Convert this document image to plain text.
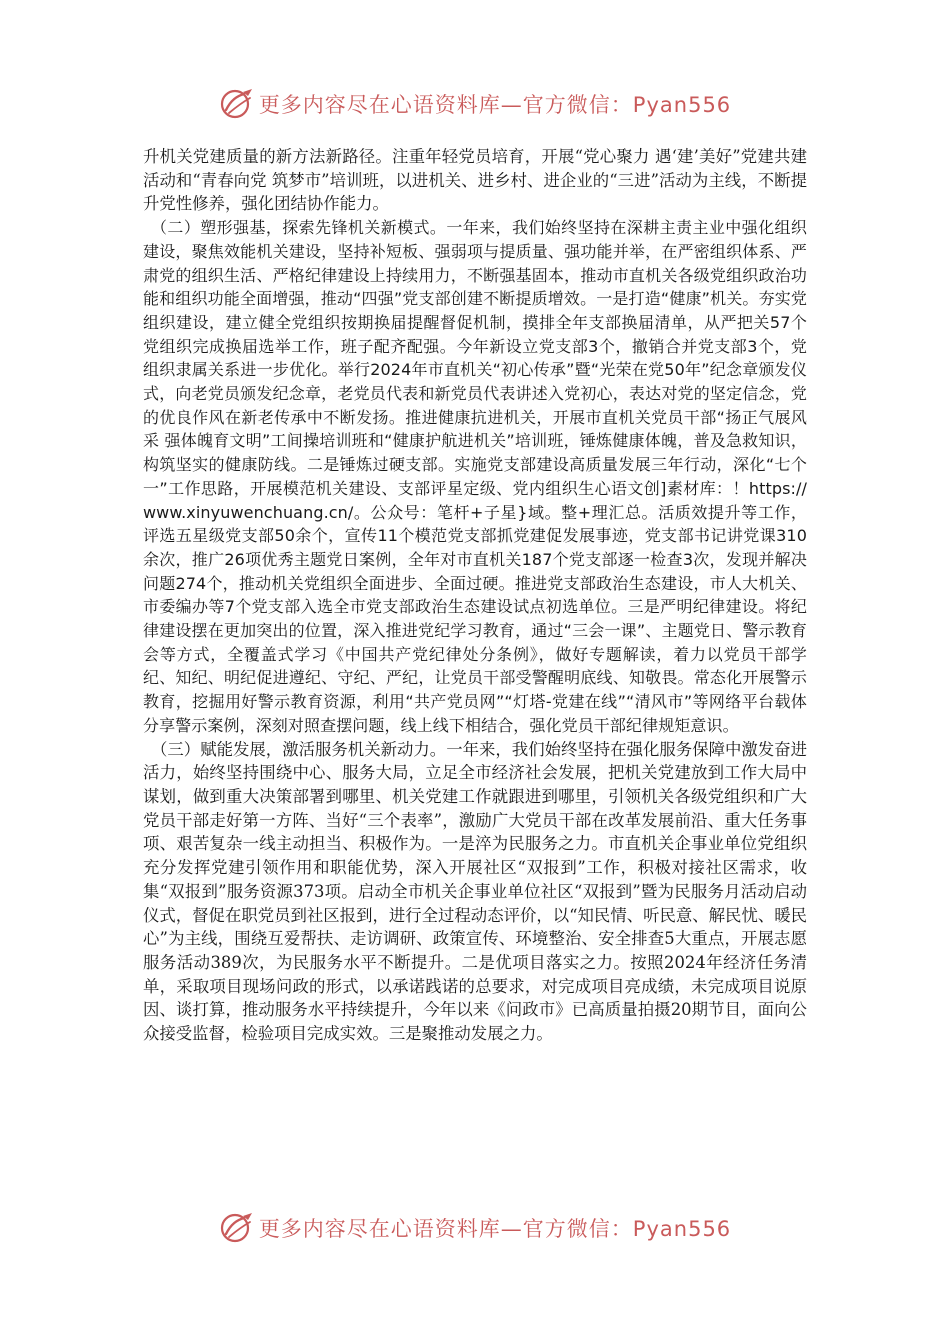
更多内容尽在心语资料库—官方微信：Pyan556

升机关党建质量的新方法新路径。注重年轻党员培育，开展“党心聚力 遇‘建’美好”党建共建活动和“青春向党 筑梦市”培训班，以进机关、进乡村、进企业的“三进”活动为主线，不断提升党性修养，强化团结协作能力。

（二）塑形强基，探索先锋机关新模式。一年来，我们始终坚持在深耕主责主业中强化组织建设，聚焦效能机关建设，坚持补短板、强弱项与提质量、强功能并举，在严密组织体系、严肃党的组织生活、严格纪律建设上持续用力，不断强基固本，推动市直机关各级党组织政治功能和组织功能全面增强，推动“四强”党支部创建不断提质增效。一是打造“健康”机关。夯实党组织建设，建立健全党组织按期换届提醒督促机制，摸排全年支部换届清单，从严把关57个党组织完成换届选举工作，班子配齐配强。今年新设立党支部3个，撤销合并党支部3个，党组织隶属关系进一步优化。举行2024年市直机关“初心传承”暨“光荣在党50年”纪念章颁发仪式，向老党员颁发纪念章，老党员代表和新党员代表讲述入党初心，表达对党的坚定信念，党的优良作风在新老传承中不断发扬。推进健康抗进机关，开展市直机关党员干部“扬正气展风采 强体魄育文明”工间操培训班和“健康护航进机关”培训班，锤炼健康体魄，普及急救知识，构筑坚实的健康防线。二是锤炼过硬支部。实施党支部建设高质量发展三年行动，深化“七个一”工作思路，开展模范机关建设、支部评星定级、党内组织生心语文创]素材库：！https://www.xinyuwenchuang.cn/。公众号：笔杆+子星}域。整+理汇总。活质效提升等工作，评选五星级党支部50余个，宣传11个模范党支部抓党建促发展事迹，党支部书记讲党课310余次，推广26项优秀主题党日案例，全年对市直机关187个党支部逐一检查3次，发现并解决问题274个，推动机关党组织全面进步、全面过硬。推进党支部政治生态建设，市人大机关、市委编办等7个党支部入选全市党支部政治生态建设试点初选单位。三是严明纪律建设。将纪律建设摆在更加突出的位置，深入推进党纪学习教育，通过“三会一课”、主题党日、警示教育会等方式，全覆盖式学习《中国共产党纪律处分条例》，做好专题解读，着力以党员干部学纪、知纪、明纪促进遵纪、守纪、严纪，让党员干部受警醒明底线、知敬畏。常态化开展警示教育，挖掘用好警示教育资源，利用“共产党员网”“灯塔-党建在线”“清风市”等网络平台载体分享警示案例，深刻对照查摆问题，线上线下相结合，强化党员干部纪律规矩意识。

（三）赋能发展，激活服务机关新动力。一年来，我们始终坚持在强化服务保障中激发奋进活力，始终坚持围绕中心、服务大局，立足全市经济社会发展，把机关党建放到工作大局中谋划，做到重大决策部署到哪里、机关党建工作就跟进到哪里，引领机关各级党组织和广大党员干部走好第一方阵、当好“三个表率”，激励广大党员干部在改革发展前沿、重大任务事项、艰苦复杂一线主动担当、积极作为。一是淬为民服务之力。市直机关企事业单位党组织充分发挥党建引领作用和职能优势，深入开展社区“双报到”工作，积极对接社区需求，收集“双报到”服务资源373项。启动全市机关企事业单位社区“双报到”暨为民服务月活动启动仪式，督促在职党员到社区报到，进行全过程动态评价，以“知民情、听民意、解民忧、暖民心”为主线，围绕互爱帮扶、走访调研、政策宣传、环境整治、安全排查5大重点，开展志愿服务活动389次，为民服务水平不断提升。二是优项目落实之力。按照2024年经济任务清单，采取项目现场问政的形式，以承诺践诺的总要求，对完成项目亮成绩，未完成项目说原因、谈打算，推动服务水平持续提升，今年以来《问政市》已高质量拍摄20期节目，面向公众接受监督，检验项目完成实效。三是聚推动发展之力。

更多内容尽在心语资料库—官方微信：Pyan556
